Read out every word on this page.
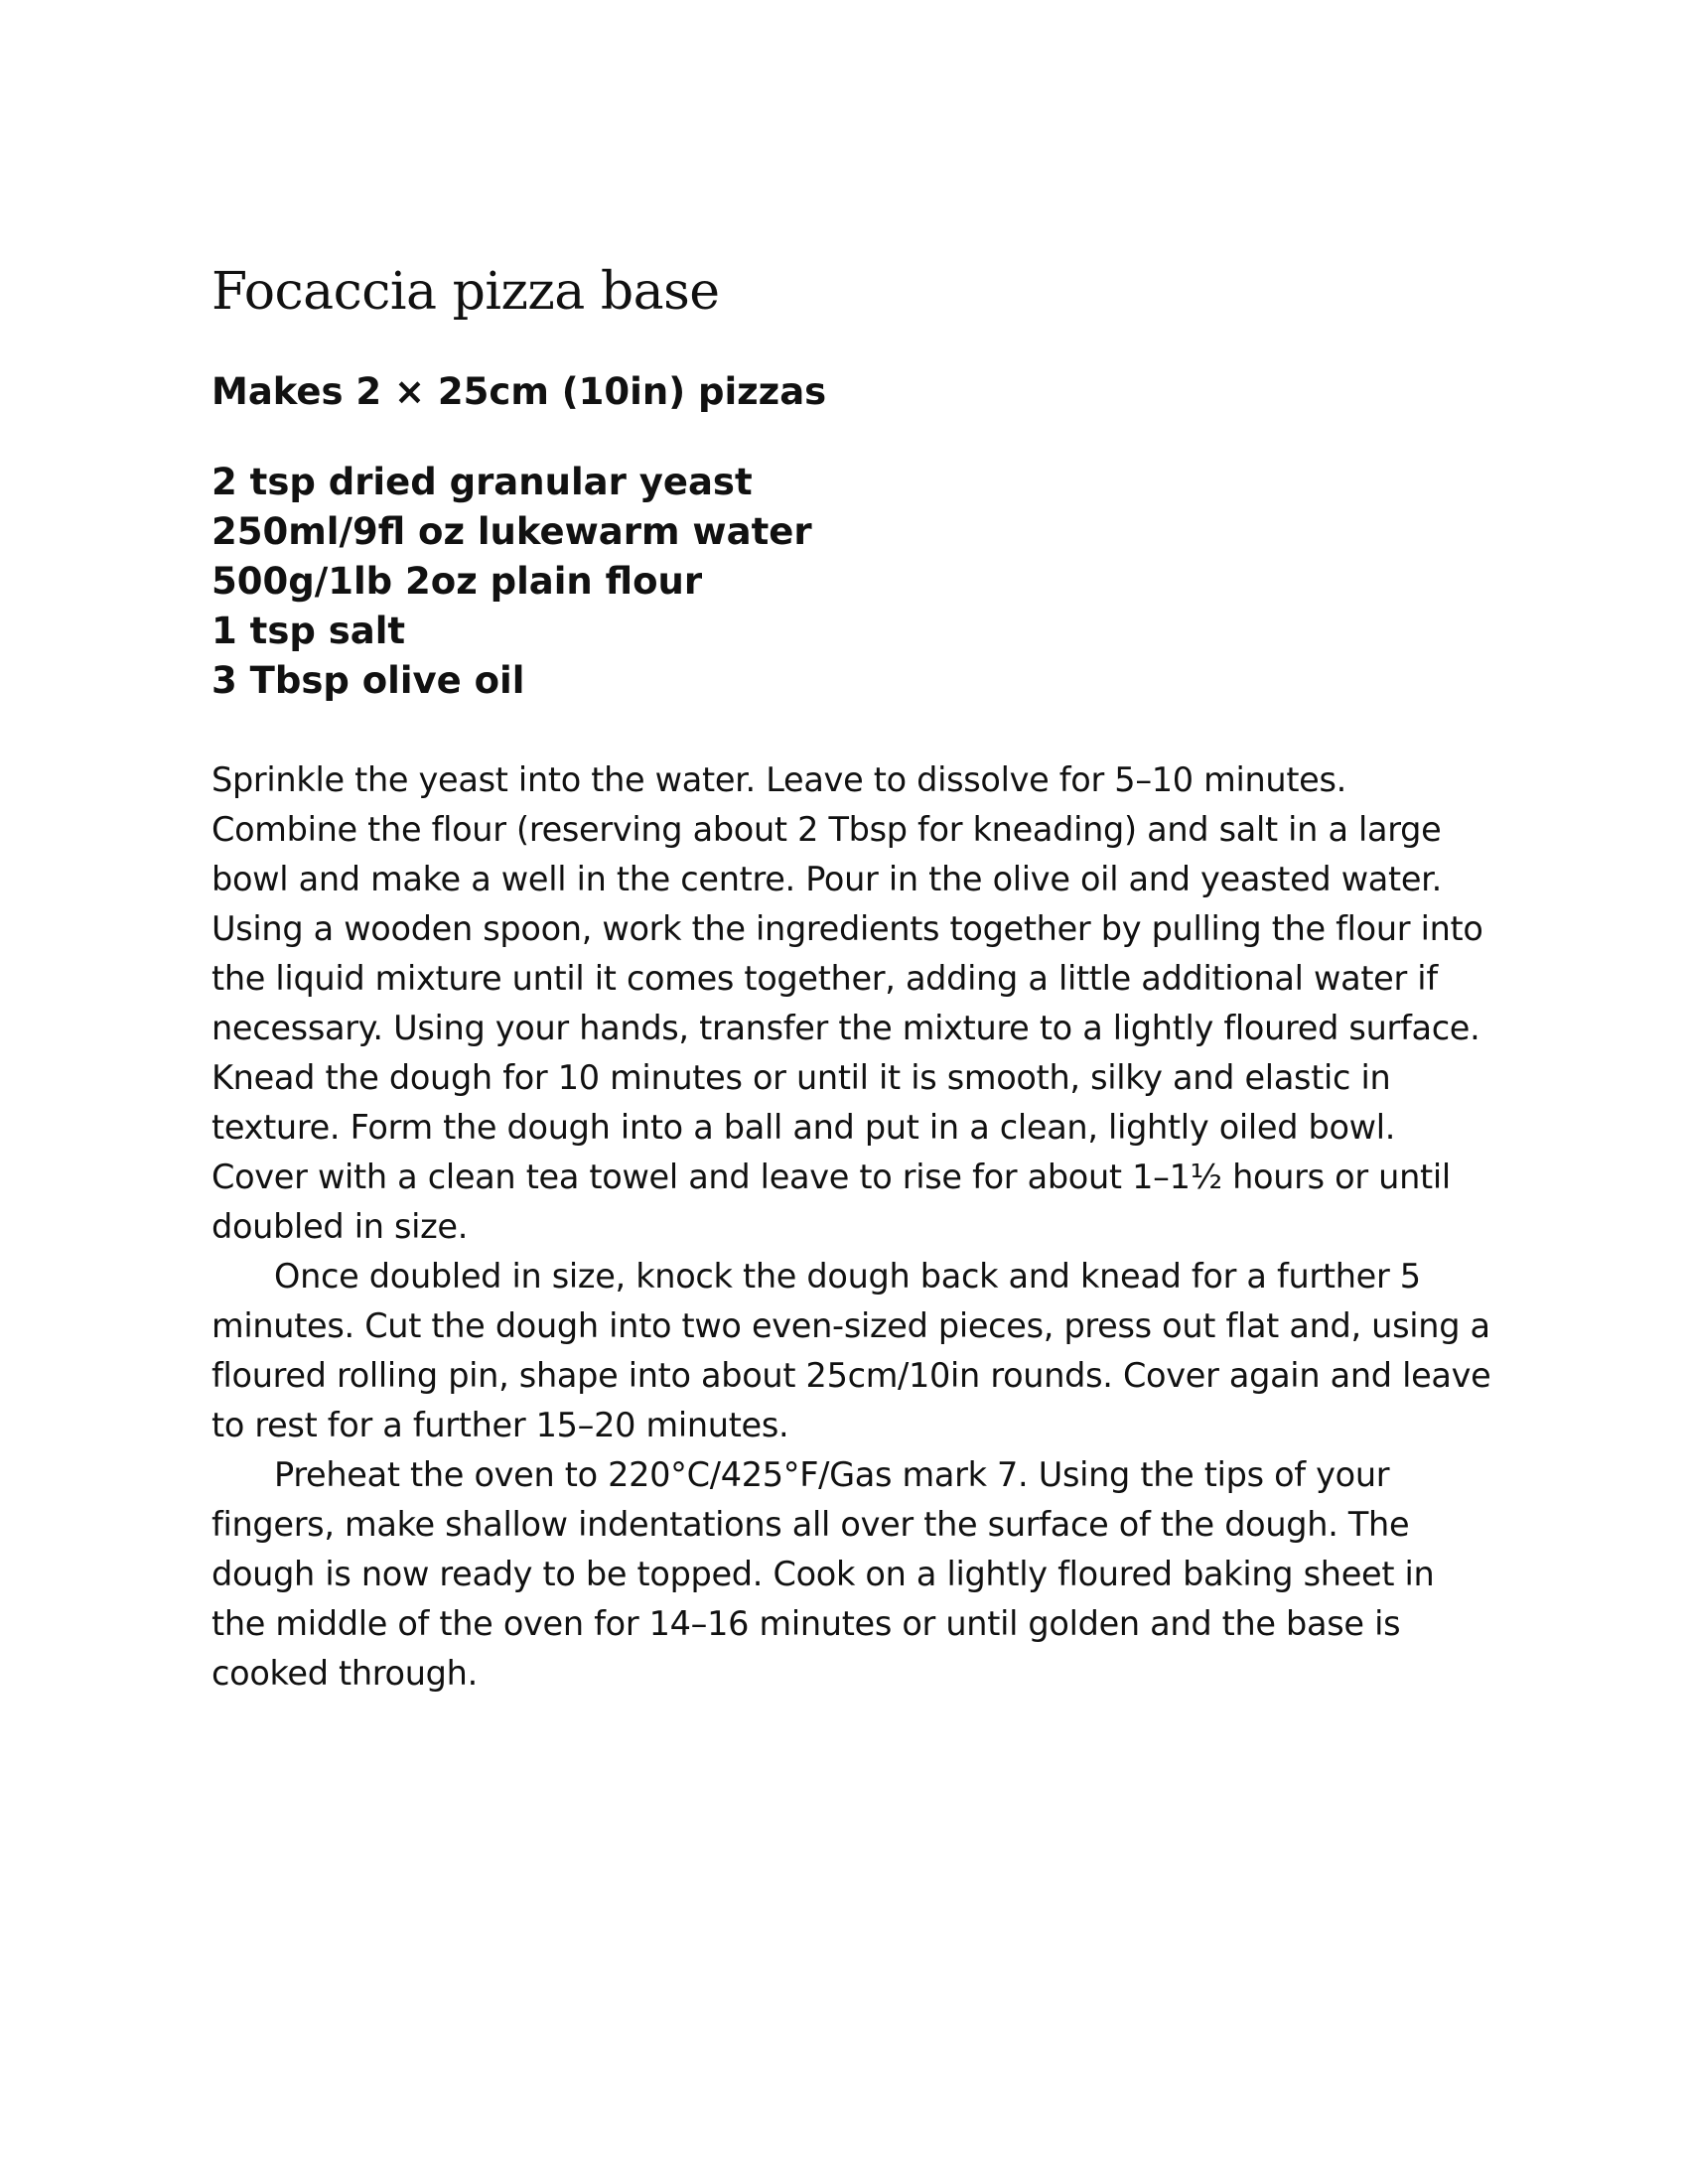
Focaccia pizza base
Makes 2 × 25cm (10in) pizzas
2 tsp dried granular yeast
250ml/9fl oz lukewarm water
500g/1lb 2oz plain flour
1 tsp salt
3 Tbsp olive oil

Sprinkle the yeast into the water. Leave to dissolve for 5–10 minutes. Combine the flour (reserving about 2 Tbsp for kneading) and salt in a large bowl and make a well in the centre. Pour in the olive oil and yeasted water. Using a wooden spoon, work the ingredients together by pulling the flour into the liquid mixture until it comes together, adding a little additional water if necessary. Using your hands, transfer the mixture to a lightly floured surface. Knead the dough for 10 minutes or until it is smooth, silky and elastic in texture. Form the dough into a ball and put in a clean, lightly oiled bowl. Cover with a clean tea towel and leave to rise for about 1–1½ hours or until doubled in size.

Once doubled in size, knock the dough back and knead for a further 5 minutes. Cut the dough into two even-sized pieces, press out flat and, using a floured rolling pin, shape into about 25cm/10in rounds. Cover again and leave to rest for a further 15–20 minutes.

Preheat the oven to 220°C/425°F/Gas mark 7. Using the tips of your fingers, make shallow indentations all over the surface of the dough. The dough is now ready to be topped. Cook on a lightly floured baking sheet in the middle of the oven for 14–16 minutes or until golden and the base is cooked through.
